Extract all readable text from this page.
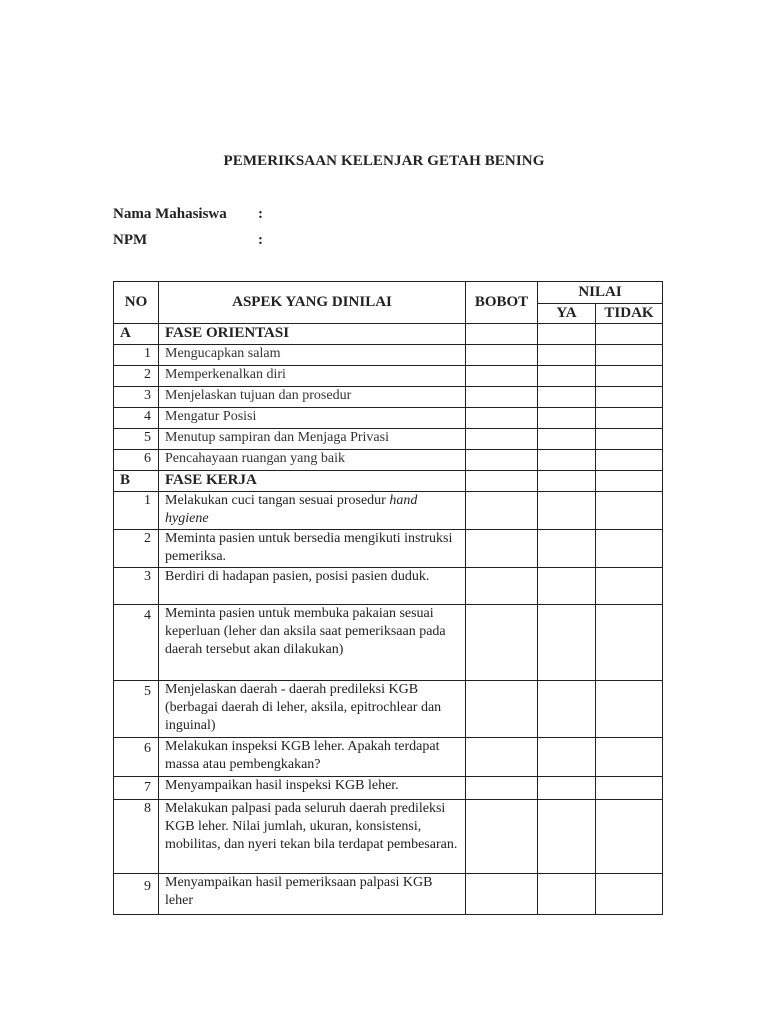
PEMERIKSAAN KELENJAR GETAH BENING
Nama Mahasiswa :
NPM	:
NO	ASPEK YANG DINILAI	BOBOT	NILAI	
			YA	TIDAK
A	FASE ORIENTASI			
1	Mengucapkan salam			
2	Memperkenalkan diri			
3	Menjelaskan tujuan dan prosedur			
4	Mengatur Posisi			
5	Menutup sampiran dan Menjaga Privasi			
6	Pencahayaan ruangan yang baik			
B	FASE KERJA			
1	Melakukan cuci tangan sesuai prosedur hand hygiene			
2	Meminta pasien untuk bersedia mengikuti instruksi pemeriksa.			
3	Berdiri di hadapan pasien, posisi pasien duduk.			
4	Meminta pasien untuk membuka pakaian sesuai keperluan (leher dan aksila saat pemeriksaan pada daerah tersebut akan dilakukan)			
5	Menjelaskan daerah - daerah predileksi KGB (berbagai daerah di leher, aksila, epitrochlear dan inguinal)			
6	Melakukan inspeksi KGB leher. Apakah terdapat massa atau pembengkakan?			
7	Menyampaikan hasil inspeksi KGB leher.			
8	Melakukan palpasi pada seluruh daerah predileksi KGB leher. Nilai jumlah, ukuran, konsistensi, mobilitas, dan nyeri tekan bila terdapat pembesaran.			
9	Menyampaikan hasil pemeriksaan palpasi KGB leher			
